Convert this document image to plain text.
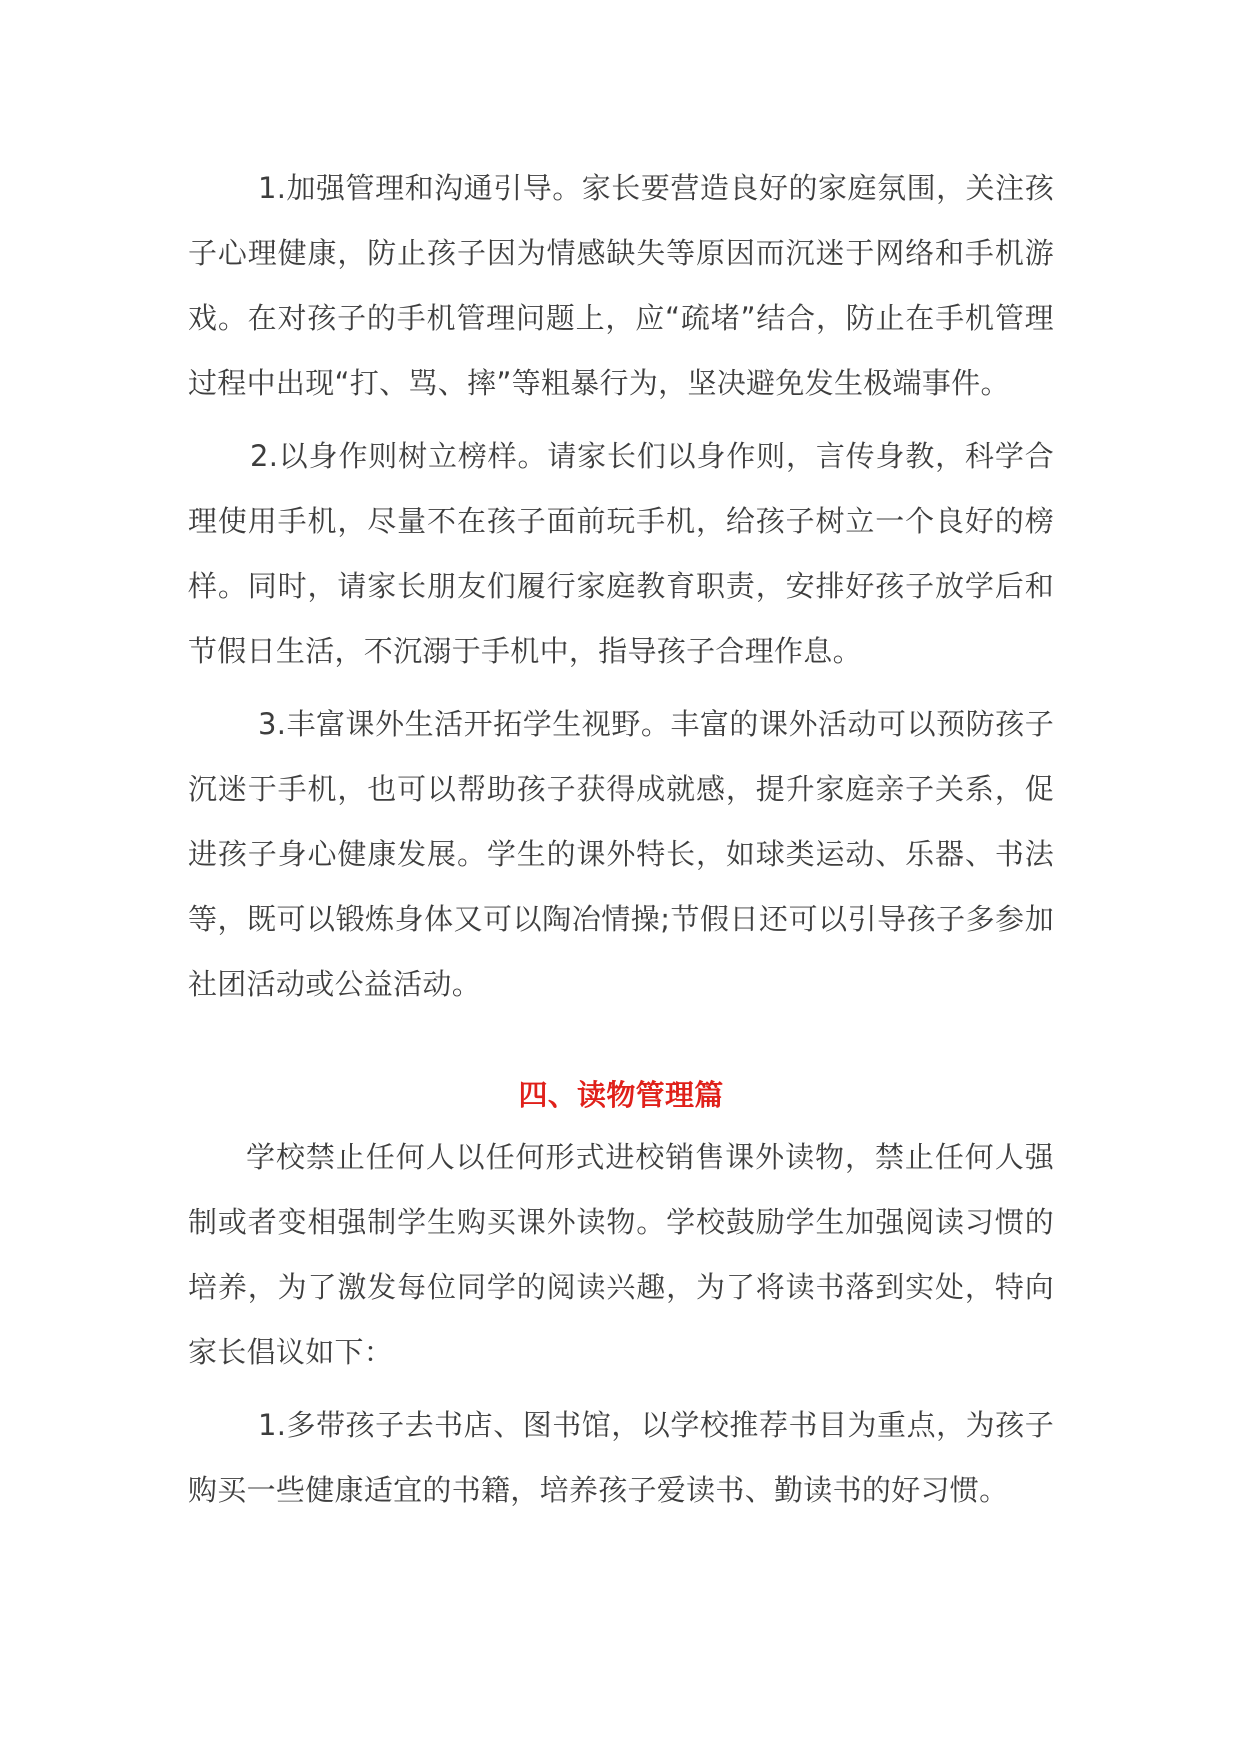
1.加强管理和沟通引导。家长要营造良好的家庭氛围，关注孩子心理健康，防止孩子因为情感缺失等原因而沉迷于网络和手机游戏。在对孩子的手机管理问题上，应“疏堵”结合，防止在手机管理过程中出现“打、骂、摔”等粗暴行为，坚决避免发生极端事件。

2.以身作则树立榜样。请家长们以身作则，言传身教，科学合理使用手机，尽量不在孩子面前玩手机，给孩子树立一个良好的榜样。同时，请家长朋友们履行家庭教育职责，安排好孩子放学后和节假日生活，不沉溺于手机中，指导孩子合理作息。

3.丰富课外生活开拓学生视野。丰富的课外活动可以预防孩子沉迷于手机，也可以帮助孩子获得成就感，提升家庭亲子关系，促进孩子身心健康发展。学生的课外特长，如球类运动、乐器、书法等，既可以锻炼身体又可以陶冶情操;节假日还可以引导孩子多参加社团活动或公益活动。

四、读物管理篇

学校禁止任何人以任何形式进校销售课外读物，禁止任何人强制或者变相强制学生购买课外读物。学校鼓励学生加强阅读习惯的培养，为了激发每位同学的阅读兴趣，为了将读书落到实处，特向家长倡议如下：

1.多带孩子去书店、图书馆，以学校推荐书目为重点，为孩子购买一些健康适宜的书籍，培养孩子爱读书、勤读书的好习惯。
